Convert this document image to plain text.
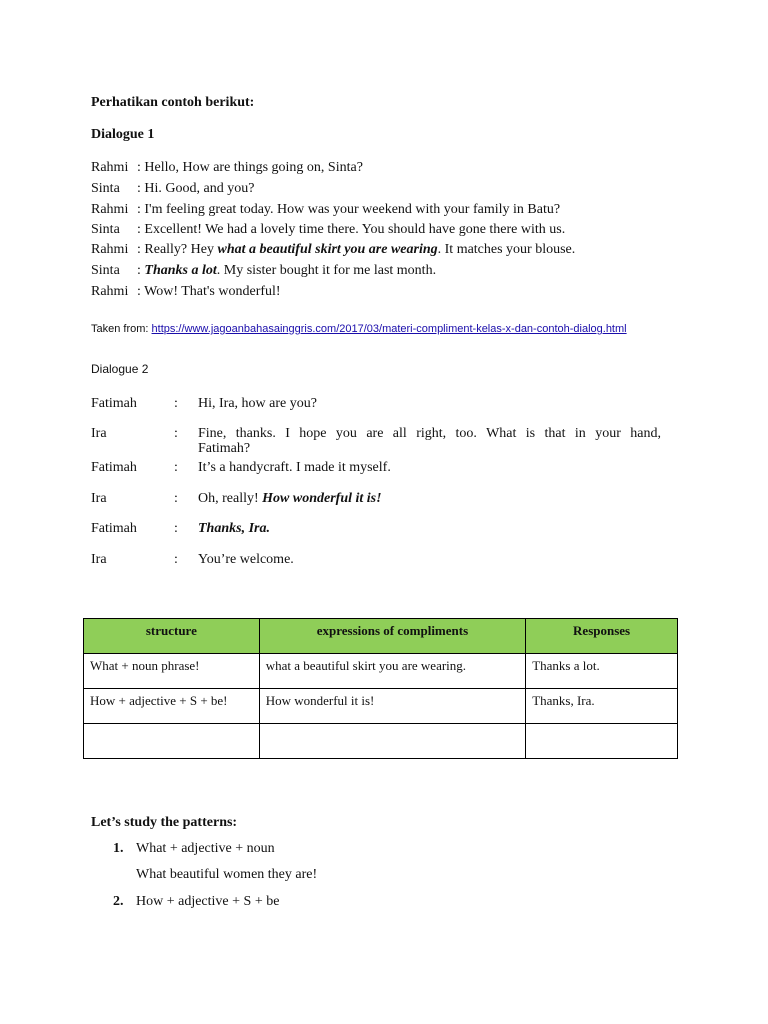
Perhatikan contoh berikut:
Dialogue 1
Rahmi : Hello, How are things going on, Sinta?
Sinta : Hi. Good, and you?
Rahmi : I'm feeling great today. How was your weekend with your family in Batu?
Sinta : Excellent! We had a lovely time there. You should have gone there with us.
Rahmi : Really? Hey what a beautiful skirt you are wearing. It matches your blouse.
Sinta : Thanks a lot. My sister bought it for me last month.
Rahmi : Wow! That's wonderful!
Taken from: https://www.jagoanbahasainggris.com/2017/03/materi-compliment-kelas-x-dan-contoh-dialog.html
Dialogue 2
Fatimah	: Hi, Ira, how are you?
Ira	: Fine, thanks. I hope you are all right, too. What is that in your hand,
Fatimah?
Fatimah	: It’s a handycraft. I made it myself.
Ira	: Oh, really! How wonderful it is!
Fatimah	: Thanks, Ira.
Ira	: You’re welcome.
structure	expressions of compliments	Responses
What + noun phrase!	what a beautiful skirt you are wearing.	Thanks a lot.
How + adjective + S + be!	How wonderful it is!	Thanks, Ira.

Let’s study the patterns:
1. What + adjective + noun
What beautiful women they are!
2. How + adjective + S + be
